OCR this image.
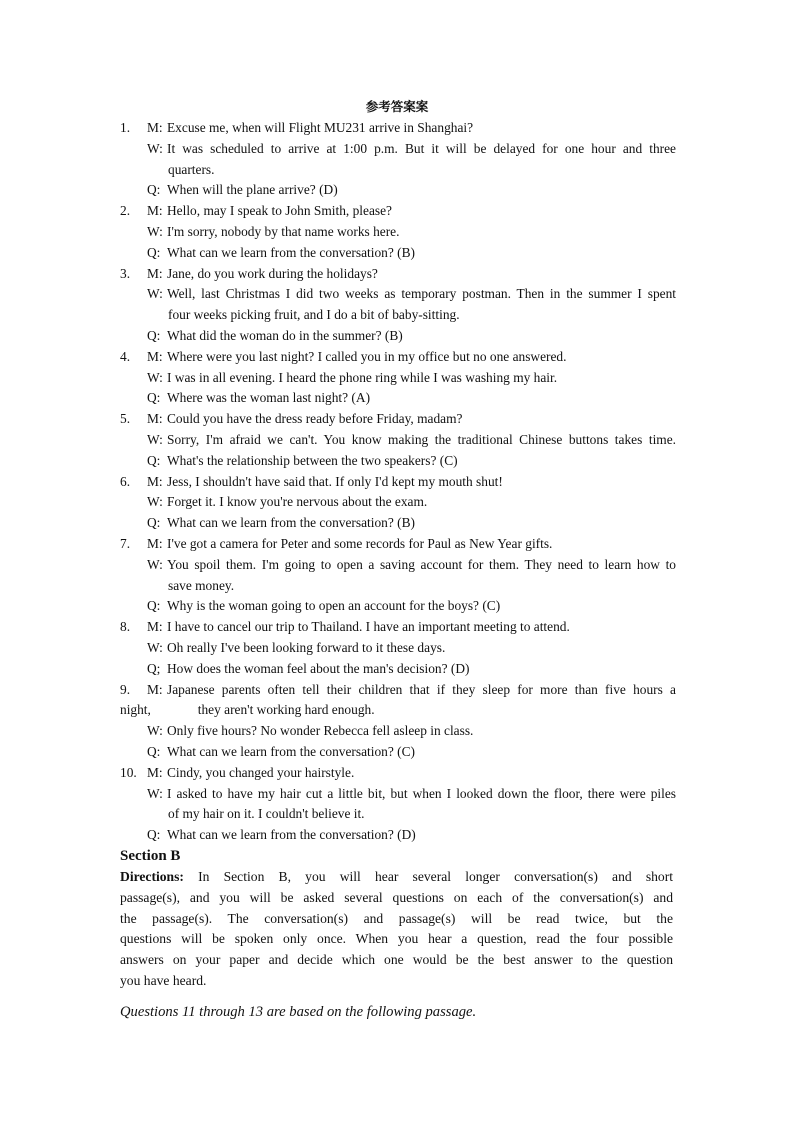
参考答案案
1.	M: Excuse me, when will Flight MU231 arrive in Shanghai?
W: It was scheduled to arrive at 1:00 p.m. But it will be delayed for one hour and three
quarters.
Q: When will the plane arrive? (D)
2.	M: Hello, may I speak to John Smith, please?
W: I'm sorry, nobody by that name works here.
Q: What can we learn from the conversation? (B)
3.	M: Jane, do you work during the holidays?
W: Well, last Christmas I did two weeks as temporary postman. Then in the summer I spent
four weeks picking fruit, and I do a bit of baby-sitting.
Q: What did the woman do in the summer? (B)
4.	M: Where were you last night? I called you in my office but no one answered.
W: I was in all evening. I heard the phone ring while I was washing my hair.
Q: Where was the woman last night? (A)
5.	M: Could you have the dress ready before Friday, madam?
W: Sorry, I'm afraid we can't. You know making the traditional Chinese buttons takes time.
Q: What's the relationship between the two speakers? (C)
6.	M: Jess, I shouldn't have said that. If only I'd kept my mouth shut!
W: Forget it. I know you're nervous about the exam.
Q: What can we learn from the conversation? (B)
7.	M: I've got a camera for Peter and some records for Paul as New Year gifts.
W: You spoil them. I'm going to open a saving account for them. They need to learn how to
save money.
Q: Why is the woman going to open an account for the boys? (C)
8.	M: I have to cancel our trip to Thailand. I have an important meeting to attend.
W: Oh really I've been looking forward to it these days.
Q; How does the woman feel about the man's decision? (D)
9.	M: Japanese parents often tell their children that if they sleep for more than five hours a
night,              they aren't working hard enough.
W: Only five hours? No wonder Rebecca fell asleep in class.
Q: What can we learn from the conversation? (C)
10. M: Cindy, you changed your hairstyle.
W: I asked to have my hair cut a little bit, but when I looked down the floor, there were piles
of my hair on it. I couldn't believe it.
Q: What can we learn from the conversation? (D)
Section B
Directions: In Section B, you will hear several longer conversation(s) and short
passage(s), and you will be asked several questions on each of the conversation(s) and
the passage(s). The conversation(s) and passage(s) will be read twice, but the
questions will be spoken only once. When you hear a question, read the four possible
answers on your paper and decide which one would be the best answer to the question
you have heard.
Questions 11 through 13 are based on the following passage.
